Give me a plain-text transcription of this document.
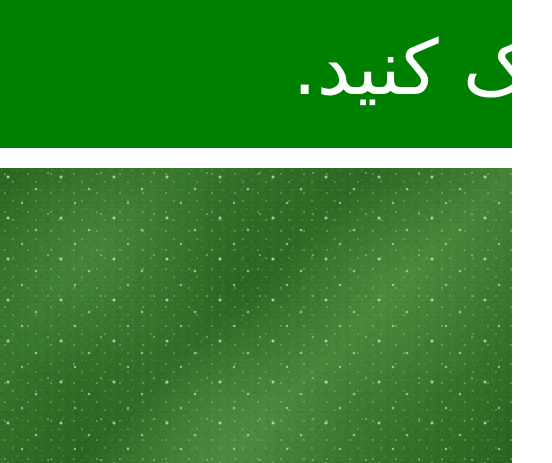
یک کنید.
